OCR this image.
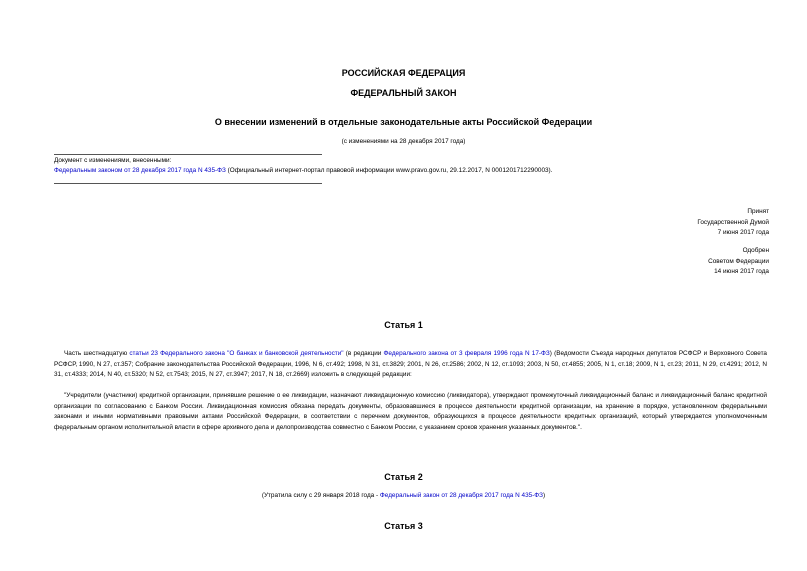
РОССИЙСКАЯ ФЕДЕРАЦИЯ
ФЕДЕРАЛЬНЫЙ ЗАКОН
О внесении изменений в отдельные законодательные акты Российской Федерации
(с изменениями на 28 декабря 2017 года)
Документ с изменениями, внесенными:
Федеральным законом от 28 декабря 2017 года N 435-ФЗ (Официальный интернет-портал правовой информации www.pravo.gov.ru, 29.12.2017, N 0001201712290003).
Принят
Государственной Думой
7 июня 2017 года
Одобрен
Советом Федерации
14 июня 2017 года
Статья 1
Часть шестнадцатую статьи 23 Федерального закона "О банках и банковской деятельности" (в редакции Федерального закона от 3 февраля 1996 года N 17-ФЗ) (Ведомости Съезда народных депутатов РСФСР и Верховного Совета РСФСР, 1990, N 27, ст.357; Собрание законодательства Российской Федерации, 1996, N 6, ст.492; 1998, N 31, ст.3829; 2001, N 26, ст.2586; 2002, N 12, ст.1093; 2003, N 50, ст.4855; 2005, N 1, ст.18; 2009, N 1, ст.23; 2011, N 29, ст.4291; 2012, N 31, ст.4333; 2014, N 40, ст.5320; N 52, ст.7543; 2015, N 27, ст.3947; 2017, N 18, ст.2669) изложить в следующей редакции:
"Учредители (участники) кредитной организации, принявшие решение о ее ликвидации, назначают ликвидационную комиссию (ликвидатора), утверждают промежуточный ликвидационный баланс и ликвидационный баланс кредитной организации по согласованию с Банком России. Ликвидационная комиссия обязана передать документы, образовавшиеся в процессе деятельности кредитной организации, на хранение в порядке, установленном федеральными законами и иными нормативными правовыми актами Российской Федерации, в соответствии с перечнем документов, образующихся в процессе деятельности кредитных организаций, который утверждается уполномоченным федеральным органом исполнительной власти в сфере архивного дела и делопроизводства совместно с Банком России, с указанием сроков хранения указанных документов.".
Статья 2
(Утратила силу с 29 января 2018 года - Федеральный закон от 28 декабря 2017 года N 435-ФЗ)
Статья 3
